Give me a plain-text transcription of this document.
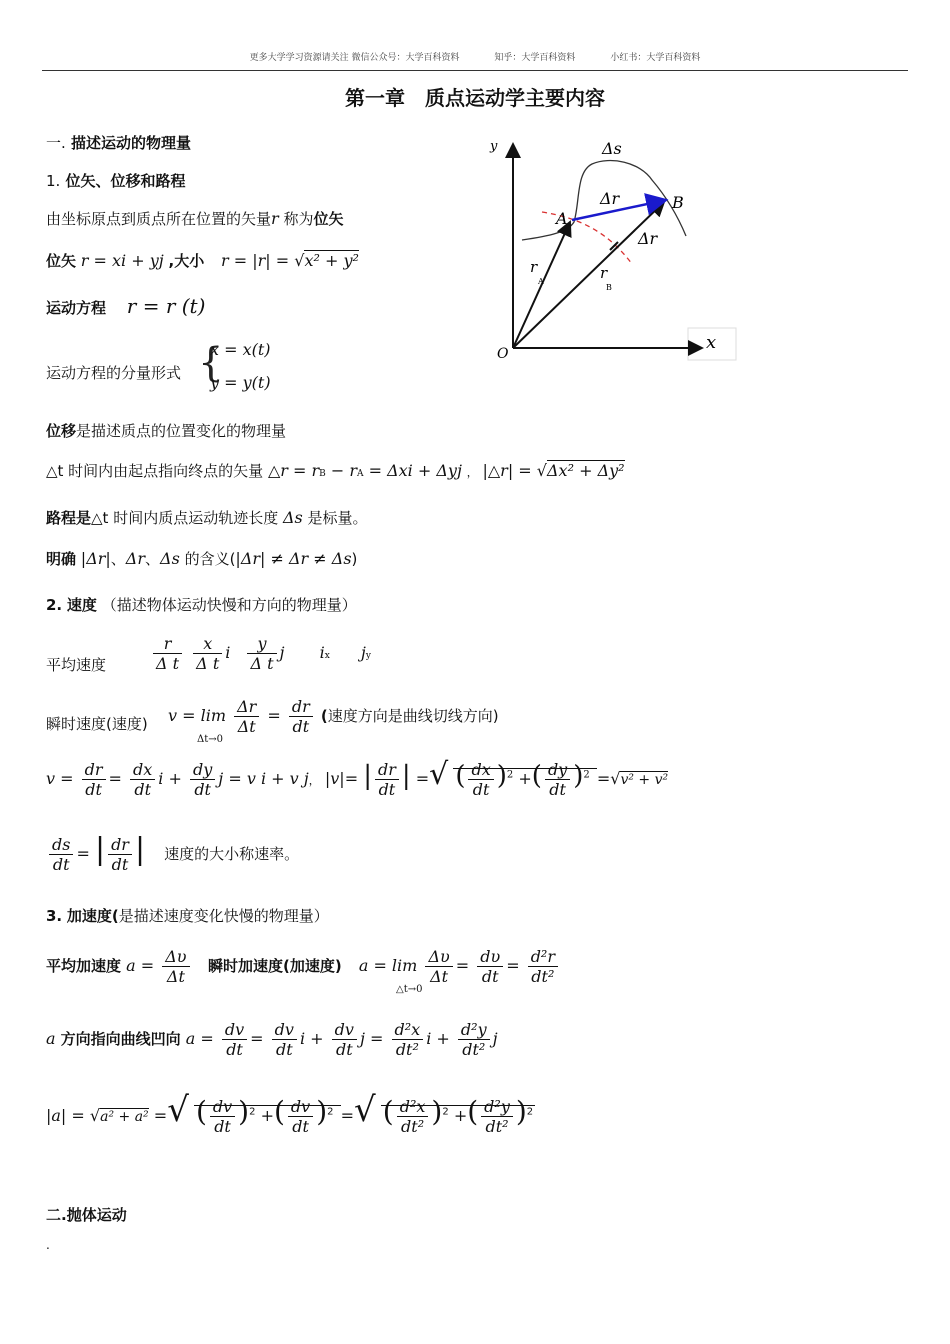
更多大学学习资源请关注 微信公众号：大学百科资料	知乎：大学百科资料	小红书：大学百科资料
第一章　质点运动学主要内容
一. 描述运动的物理量
1. 位矢、位移和路程
由坐标原点到质点所在位置的矢量r 称为位矢
位矢 r = xi + yj ,大小 r = |r| = √x² + y²
运动方程 r = r (t)
运动方程的分量形式 {
x = x(t)
y = y(t)
位移是描述质点的位置变化的物理量
△t 时间内由起点指向终点的矢量 △r = rB − rA = Δxi + Δyj ， |△r| = √Δx² + Δy²
路程是△t 时间内质点运动轨迹长度 Δs 是标量。
明确 |Δr|、Δr、Δs 的含义(|Δr| ≠ Δr ≠ Δs)
2. 速度 （描述物体运动快慢和方向的物理量）
平均速度	$\frac{r}{\text{Δ t}}$
$\frac{x}{\text{Δ t}}$ i $\frac{y}{\text{Δ t}}$ j ix jy
瞬时速度(速度) $v = \lim \frac{\Delta r}{\Delta t} = \frac{dr}{dt}$ (速度方向是曲线切线方向)
Δt→0
$v = \frac{dr}{dt} = \frac{dx}{dt}$ $i + \frac{dy}{dt}$ j = v i + v j， |v|= | $\frac{dr}{dt}$ | =√ ( $\frac{dx}{dt} )^2$ +( $\frac{dy}{dt} )^2 =√v^2 + v^2$
$\frac{ds}{dt}$ = | $\frac{dr}{dt}$ | 速度的大小称速率。
3. 加速度(是描述速度变化快慢的物理量）
平均加速度 $a = \frac{\Delta\upsilon}{\Delta t}$ 瞬时加速度(加速度) $a = \lim \frac{\Delta\upsilon}{\Delta t} = \frac{d\upsilon}{dt} = \frac{\text{d²r}}{\text{dt²}}$
△t→0
a 方向指向曲线凹向 $a = \frac{dv}{dt} = \frac{dv}{dt}$ $i + \frac{dv}{dt}$ $j = \frac{\text{d²x}}{\text{dt²}}$ $i + \frac{\text{d²y}}{\text{dt²}}$ j
|a| = √a² + a² =√ ( $\frac{dv}{dt} )^2$ +( $\frac{dv}{dt} )^2$ =√ ( $\frac{\text{d²x}}{\text{dt²}} )^2$ +( $\frac{\text{d²y}}{\text{dt²}} )^2$
二.抛体运动
.
y
x
O
Δs
Δr
Δr
A
B
r
A	r
B
